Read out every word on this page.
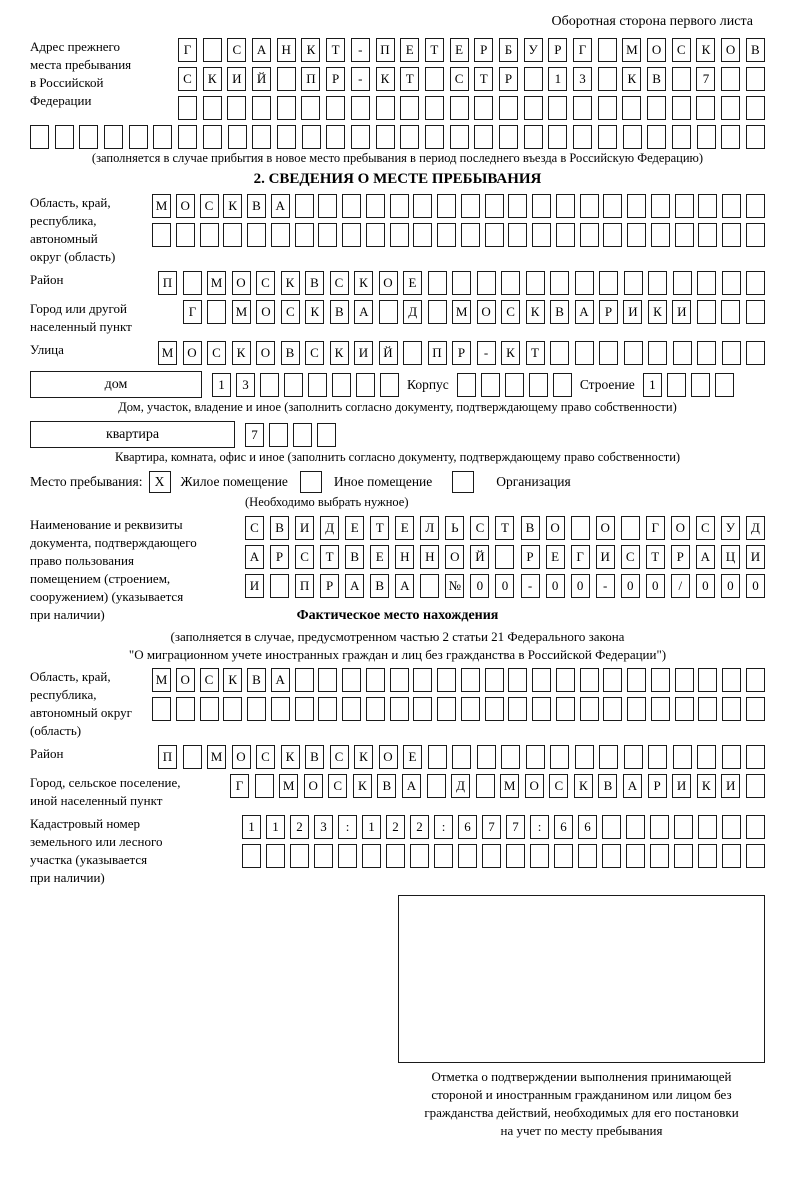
Оборотная сторона первого листа
Адрес прежнего
места пребывания
в Российской
Федерации
Г	С	А	Н	К	Т	-	П	Е	Т	Е	Р	Б	У	Р	Г	М	О	С	К	О	В
С	К	И	Й	П	Р	-	К	Т	С	Т	Р	1	3	К	В	7
(заполняется в случае прибытия в новое место пребывания в период последнего въезда в Российскую Федерацию)
2. СВЕДЕНИЯ О МЕСТЕ ПРЕБЫВАНИЯ
Область, край,
республика,
автономный
округ (область)
М	О	С	К	В	А
Район	П	М	О	С	К	В	С	К	О	Е
Город или другой
населенный пункт
Г	М	О	С	К	В	А	Д	М	О	С	К	В	А	Р	И	К	И
Улица	М	О	С	К	О	В	С	К	И	Й	П	Р	-	К	Т
дом	1	3	Корпус	Строение	1
Дом, участок, владение и иное (заполнить согласно документу, подтверждающему право собственности)
квартира	7
Квартира, комната, офис и иное (заполнить согласно документу, подтверждающему право собственности)
Место пребывания: Х	Жилое помещение	Иное помещение	Организация
(Необходимо выбрать нужное)
Наименование и реквизиты
документа, подтверждающего
право пользования
помещением (строением,
сооружением) (указывается
при наличии)
С	В	И	Д	Е	Т	Е	Л	Ь	С	Т	В	О	О	Г	О	С	У	Д
А	Р	С	Т	В	Е	Н	Н	О	Й	Р	Е	Г	И	С	Т	Р	А	Ц	И
И	П	Р	А	В	А	№	0	0	-	0	0	-	0	0	/	0	0	0
Фактическое место нахождения
(заполняется в случае, предусмотренном частью 2 статьи 21 Федерального закона
"О миграционном учете иностранных граждан и лиц без гражданства в Российской Федерации")
Область, край,
республика,
автономный округ
(область)
М	О	С	К	В	А
Район	П	М	О	С	К	В	С	К	О	Е
Город, сельское поселение,
иной населенный пункт
Г	М	О	С	К	В	А	Д	М	О	С	К	В	А	Р	И	К	И
Кадастровый номер
земельного или лесного
участка (указывается
при наличии)
1	1	2	3	:	1	2	2	:	6	7	7	:	6	6
Отметка о подтверждении выполнения принимающей
стороной и иностранным гражданином или лицом без
гражданства действий, необходимых для его постановки
на учет по месту пребывания
